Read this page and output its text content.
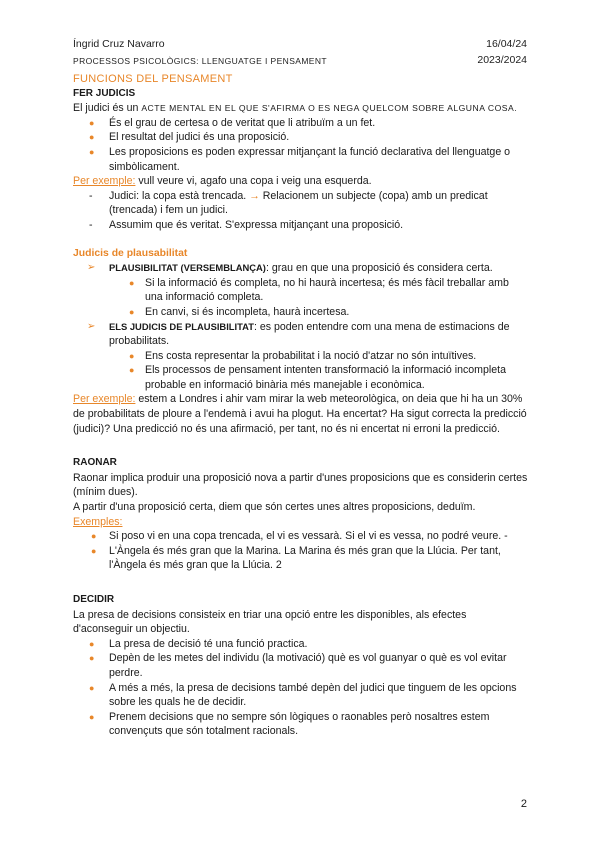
Íngrid Cruz Navarro	16/04/24
PROCESSOS PSICOLÒGICS: LLENGUATGE I PENSAMENT	2023/2024

FUNCIONS DEL PENSAMENT

FER JUDICIS

El judici és un ACTE MENTAL EN EL QUE S'AFIRMA O ES NEGA QUELCOM SOBRE ALGUNA COSA.

● És el grau de certesa o de veritat que li atribuïm a un fet.
● El resultat del judici és una proposició.
● Les proposicions es poden expressar mitjançant la funció declarativa del llenguatge o simbòlicament.

Per exemple: vull veure vi, agafo una copa i veig una esquerda.

- Judici: la copa està trencada. → Relacionem un subjecte (copa) amb un predicat (trencada) i fem un judici.
- Assumim que és veritat. S'expressa mitjançant una proposició.

Judicis de plausabilitat

➢ PLAUSIBILITAT (VERSEMBLANÇA): grau en que una proposició és considera certa.
● Si la informació és completa, no hi haurà incertesa; és més fàcil treballar amb una informació completa.
● En canvi, si és incompleta, haurà incertesa.
➢ ELS JUDICIS DE PLAUSIBILITAT: es poden entendre com una mena de estimacions de probabilitats.
● Ens costa representar la probabilitat i la noció d'atzar no són intuïtives.
● Els processos de pensament intenten transformació la informació incompleta probable en informació binària més manejable i econòmica.

Per exemple: estem a Londres i ahir vam mirar la web meteorològica, on deia que hi ha un 30% de probabilitats de ploure a l'endemà i avui ha plogut. Ha encertat? Ha sigut correcta la predicció (judici)? Una predicció no és una afirmació, per tant, no és ni encertat ni erroni la predicció.

RAONAR

Raonar implica produir una proposició nova a partir d'unes proposicions que es considerin certes (mínim dues).

A partir d'una proposició certa, diem que són certes unes altres proposicions, deduïm.

Exemples:

● Si poso vi en una copa trencada, el vi es vessarà. Si el vi es vessa, no podré veure. -
● L'Àngela és més gran que la Marina. La Marina és més gran que la Llúcia. Per tant, l'Àngela és més gran que la Llúcia. 2

DECIDIR

La presa de decisions consisteix en triar una opció entre les disponibles, als efectes d'aconseguir un objectiu.

● La presa de decisió té una funció practica.
● Depèn de les metes del individu (la motivació) què es vol guanyar o què es vol evitar perdre.
● A més a més, la presa de decisions també depèn del judici que tinguem de les opcions sobre les quals he de decidir.
● Prenem decisions que no sempre són lògiques o raonables però nosaltres estem convençuts que són totalment racionals.
2
